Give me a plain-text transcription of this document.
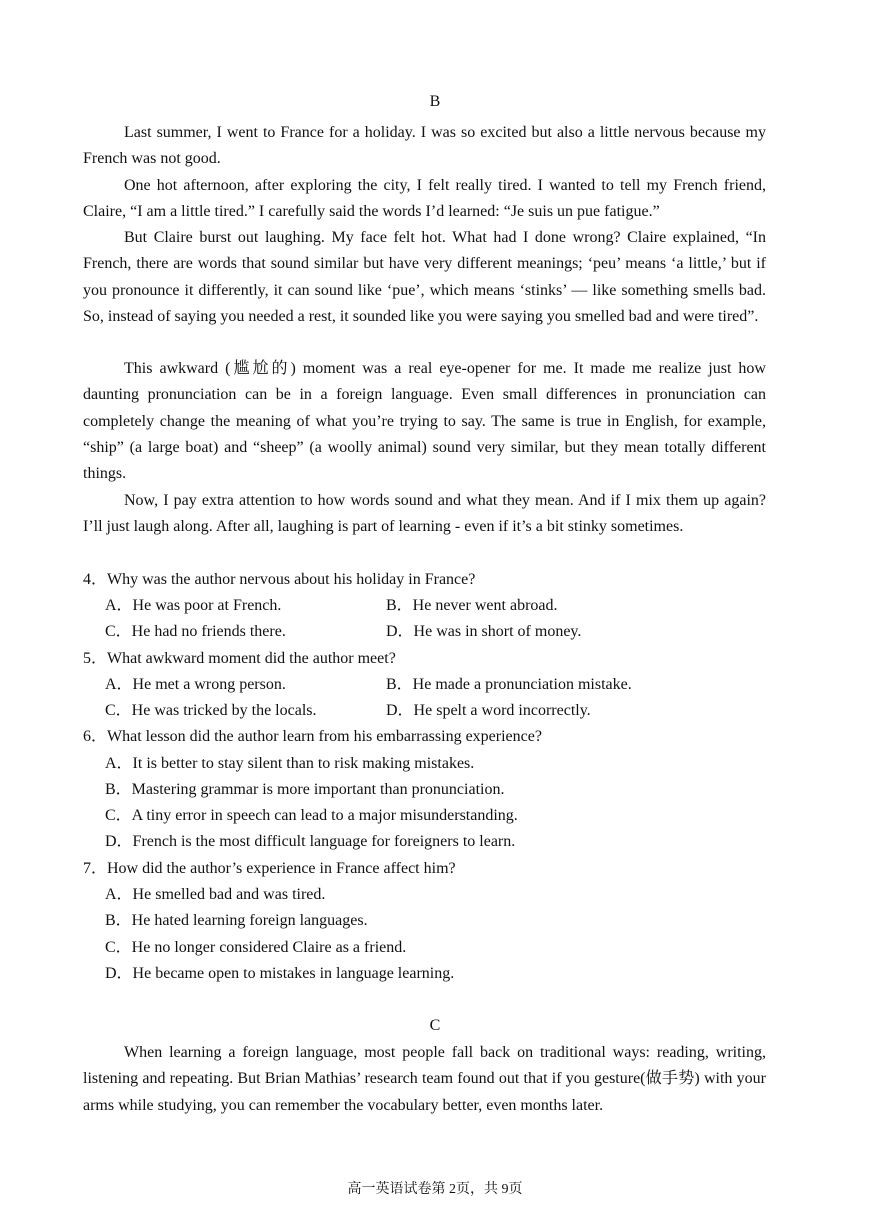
B

Last summer, I went to France for a holiday. I was so excited but also a little nervous because my French was not good.

One hot afternoon, after exploring the city, I felt really tired. I wanted to tell my French friend, Claire, “I am a little tired.” I carefully said the words I’d learned: “Je suis un pue fatigue.”

But Claire burst out laughing. My face felt hot. What had I done wrong? Claire explained, “In French, there are words that sound similar but have very different meanings; ‘peu’ means ‘a little,’ but if you pronounce it differently, it can sound like ‘pue’, which means ‘stinks’ — like something smells bad. So, instead of saying you needed a rest, it sounded like you were saying you smelled bad and were tired”.

This awkward (尴尬的) moment was a real eye-opener for me. It made me realize just how daunting pronunciation can be in a foreign language. Even small differences in pronunciation can completely change the meaning of what you’re trying to say. The same is true in English, for example, “ship” (a large boat) and “sheep” (a woolly animal) sound very similar, but they mean totally different things.

Now, I pay extra attention to how words sound and what they mean. And if I mix them up again? I’ll just laugh along. After all, laughing is part of learning - even if it’s a bit stinky sometimes.

4．Why was the author nervous about his holiday in France?
A．He was poor at French.	B．He never went abroad.
C．He had no friends there.	D．He was in short of money.
5．What awkward moment did the author meet?
A．He met a wrong person.	B．He made a pronunciation mistake.
C．He was tricked by the locals.	D．He spelt a word incorrectly.
6．What lesson did the author learn from his embarrassing experience?
A．It is better to stay silent than to risk making mistakes.
B．Mastering grammar is more important than pronunciation.
C．A tiny error in speech can lead to a major misunderstanding.
D．French is the most difficult language for foreigners to learn.
7．How did the author’s experience in France affect him?
A．He smelled bad and was tired.
B．He hated learning foreign languages.
C．He no longer considered Claire as a friend.
D．He became open to mistakes in language learning.
C

When learning a foreign language, most people fall back on traditional ways: reading, writing, listening and repeating. But Brian Mathias’ research team found out that if you gesture(做手势) with your arms while studying, you can remember the vocabulary better, even months later.

高一英语试卷第 2页，共 9页
